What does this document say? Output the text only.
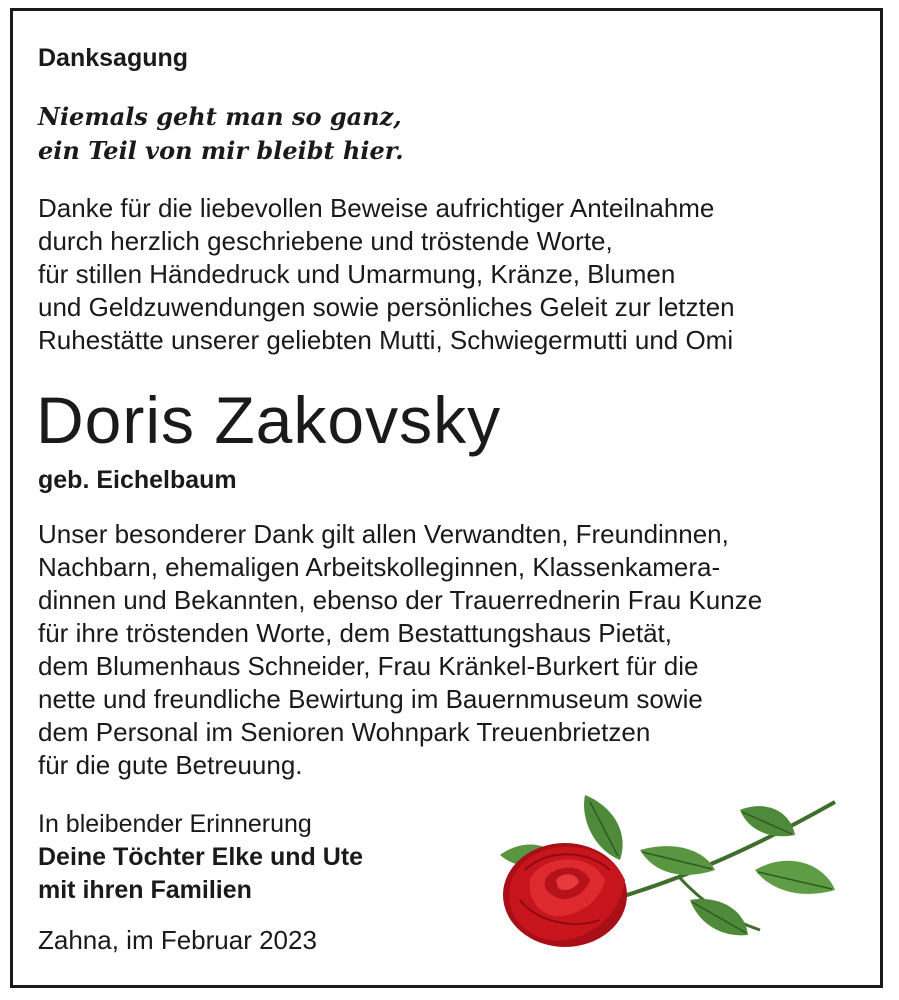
Danksagung
Niemals geht man so ganz,
ein Teil von mir bleibt hier.
Danke für die liebevollen Beweise aufrichtiger Anteilnahme
durch herzlich geschriebene und tröstende Worte,
für stillen Händedruck und Umarmung, Kränze, Blumen
und Geldzuwendungen sowie persönliches Geleit zur letzten
Ruhestätte unserer geliebten Mutti, Schwiegermutti und Omi
Doris Zakovsky
geb. Eichelbaum
Unser besonderer Dank gilt allen Verwandten, Freundinnen,
Nachbarn, ehemaligen Arbeitskolleginnen, Klassenkamera-
dinnen und Bekannten, ebenso der Trauerrednerin Frau Kunze
für ihre tröstenden Worte, dem Bestattungshaus Pietät,
dem Blumenhaus Schneider, Frau Kränkel-Burkert für die
nette und freundliche Bewirtung im Bauernmuseum sowie
dem Personal im Senioren Wohnpark Treuenbrietzen
für die gute Betreuung.
In bleibender Erinnerung
Deine Töchter Elke und Ute
mit ihren Familien
Zahna, im Februar 2023
